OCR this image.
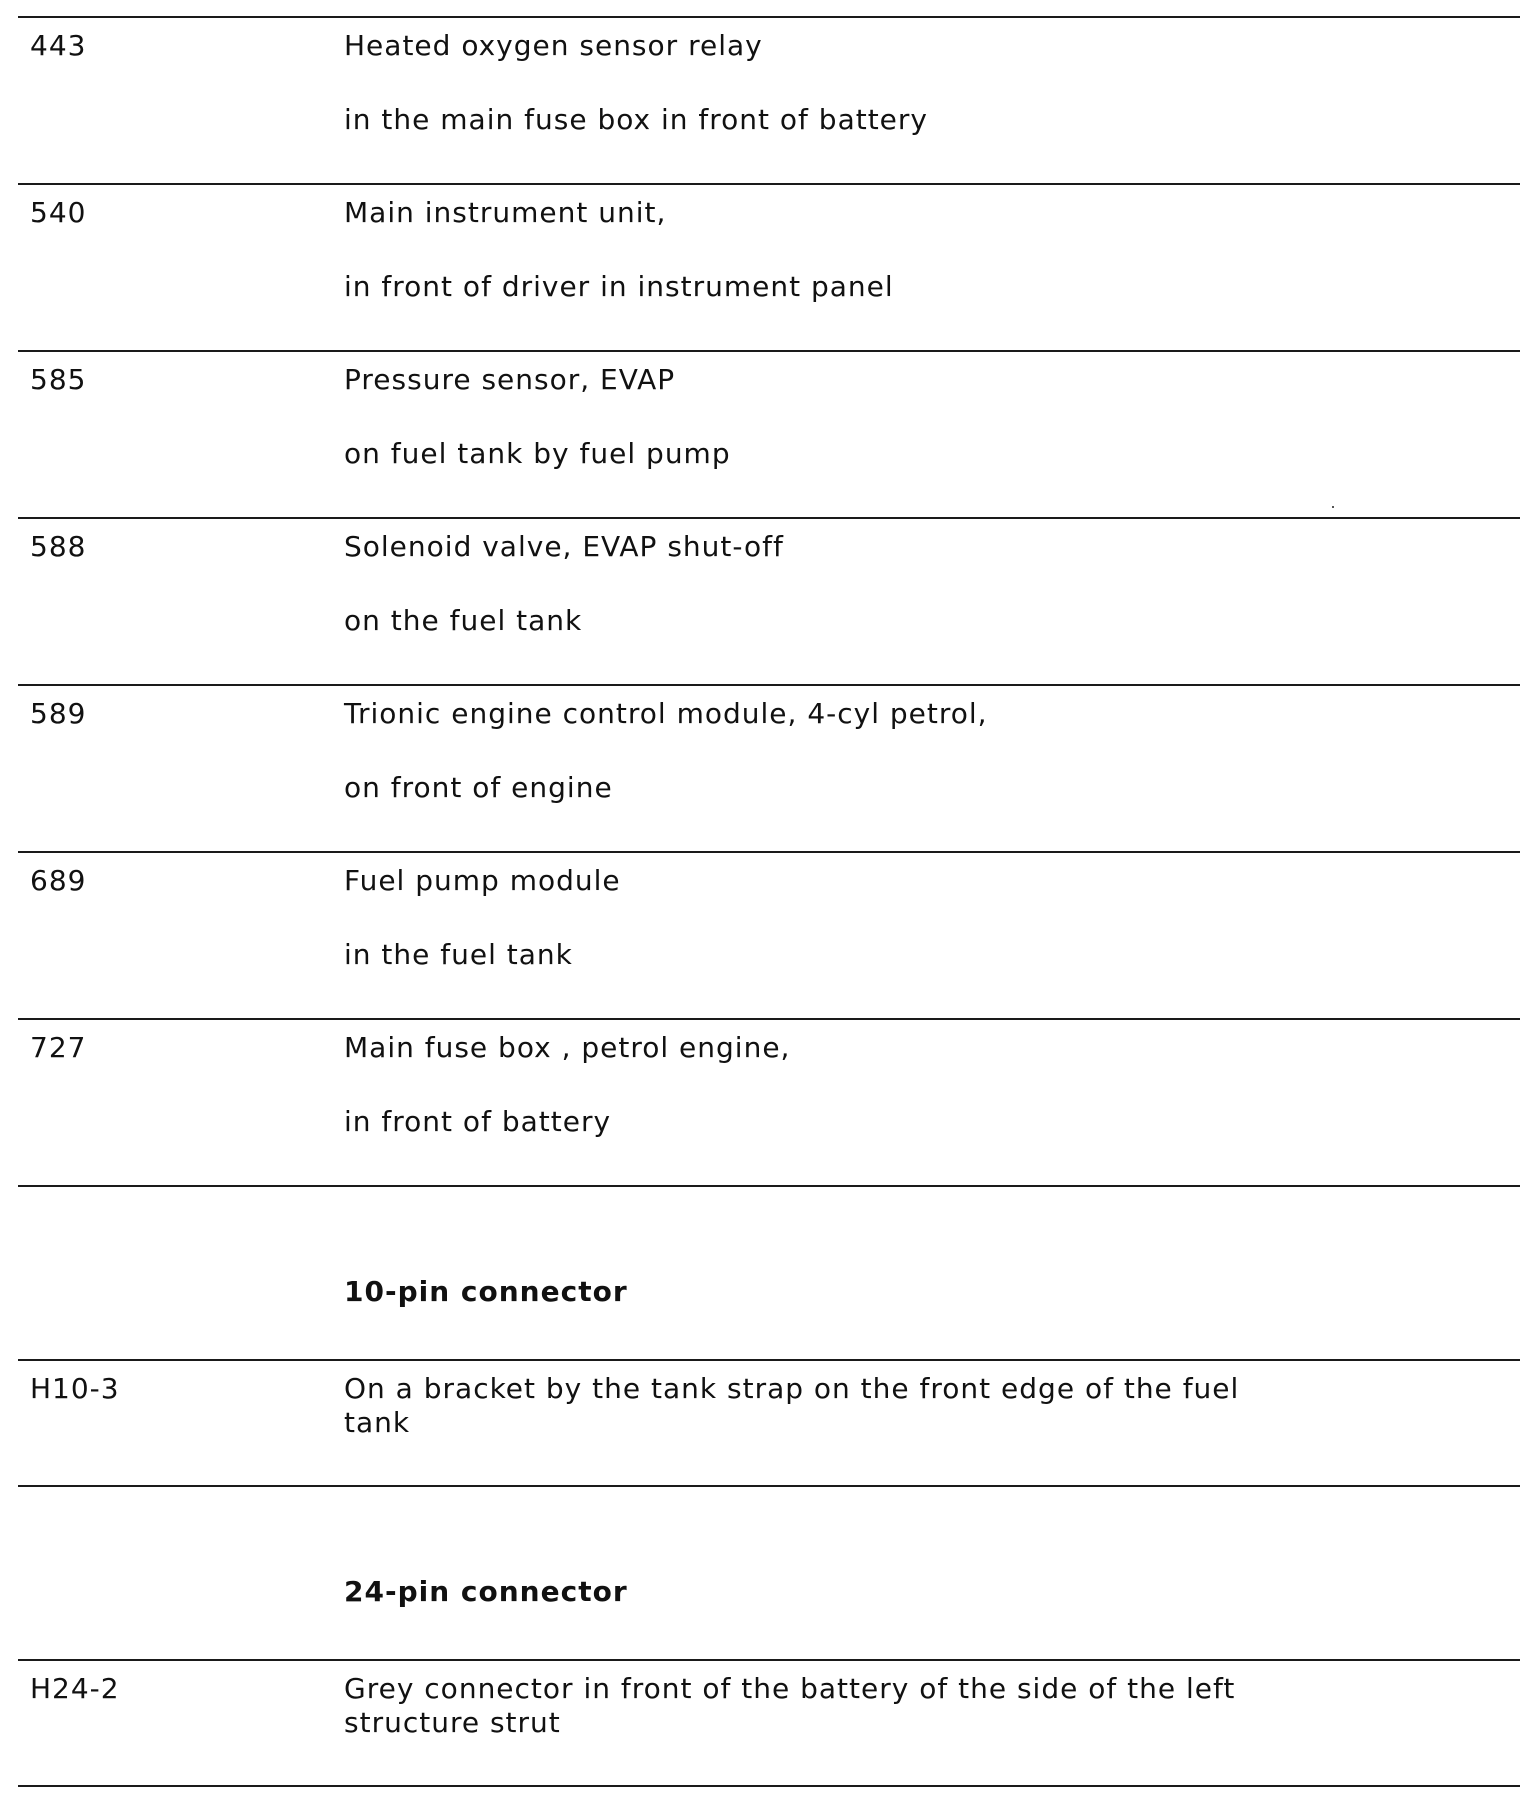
443	Heated oxygen sensor relay
in the main fuse box in front of battery
540	Main instrument unit,
in front of driver in instrument panel
585	Pressure sensor, EVAP
on fuel tank by fuel pump
588	Solenoid valve, EVAP shut-off
on the fuel tank
589	Trionic engine control module, 4-cyl petrol,
on front of engine
689	Fuel pump module
in the fuel tank
727	Main fuse box , petrol engine,
in front of battery
10-pin connector
H10-3	On a bracket by the tank strap on the front edge of the fuel tank
24-pin connector
H24-2	Grey connector in front of the battery of the side of the left structure strut
